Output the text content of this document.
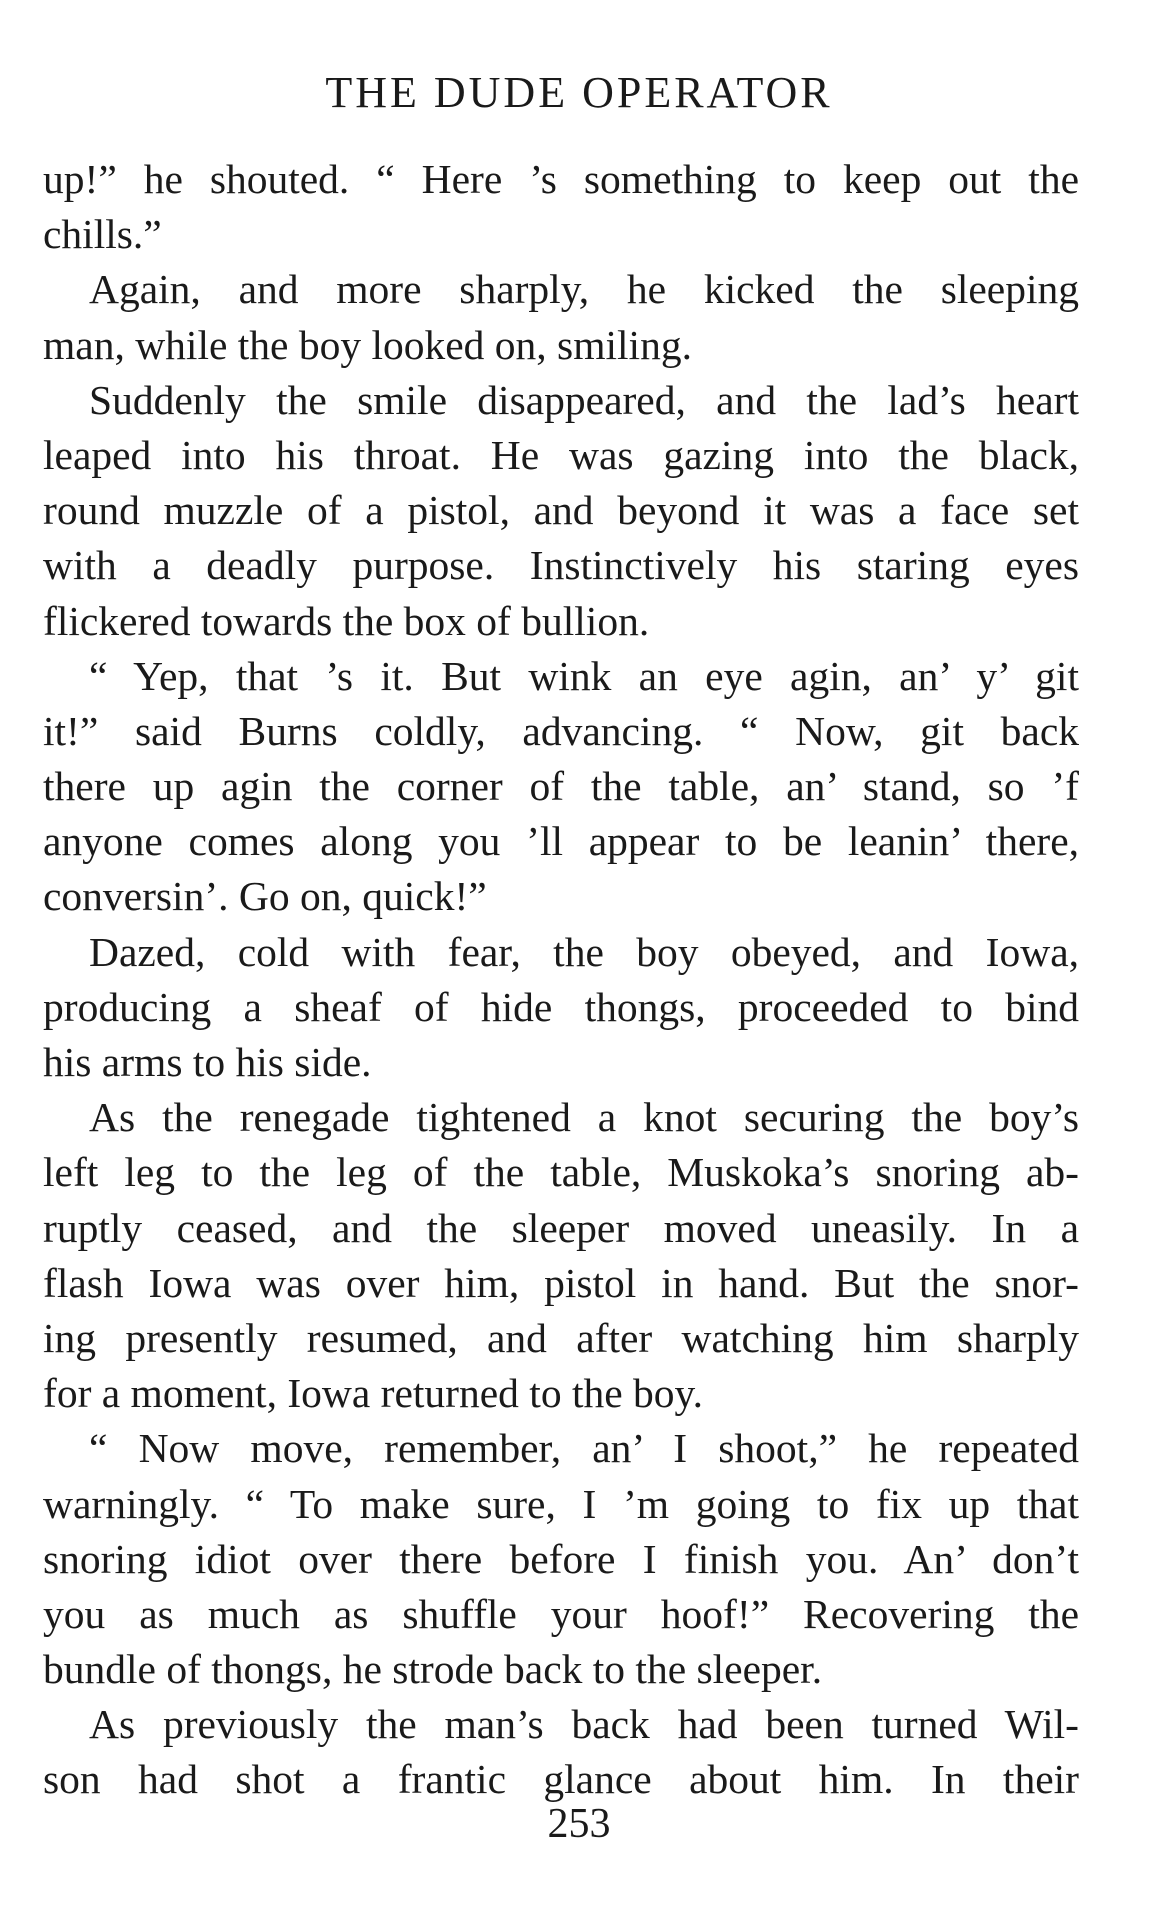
THE DUDE OPERATOR
up!” he shouted. “ Here ’s something to keep out the
chills.”
Again, and more sharply, he kicked the sleeping
man, while the boy looked on, smiling.
Suddenly the smile disappeared, and the lad’s heart
leaped into his throat. He was gazing into the black,
round muzzle of a pistol, and beyond it was a face set
with a deadly purpose. Instinctively his staring eyes
flickered towards the box of bullion.
“ Yep, that ’s it. But wink an eye agin, an’ y’ git
it!” said Burns coldly, advancing. “ Now, git back
there up agin the corner of the table, an’ stand, so ’f
anyone comes along you ’ll appear to be leanin’ there,
conversin’. Go on, quick!”
Dazed, cold with fear, the boy obeyed, and Iowa,
producing a sheaf of hide thongs, proceeded to bind
his arms to his side.
As the renegade tightened a knot securing the boy’s
left leg to the leg of the table, Muskoka’s snoring ab-
ruptly ceased, and the sleeper moved uneasily. In a
flash Iowa was over him, pistol in hand. But the snor-
ing presently resumed, and after watching him sharply
for a moment, Iowa returned to the boy.
“ Now move, remember, an’ I shoot,” he repeated
warningly. “ To make sure, I ’m going to fix up that
snoring idiot over there before I finish you. An’ don’t
you as much as shuffle your hoof!” Recovering the
bundle of thongs, he strode back to the sleeper.
As previously the man’s back had been turned Wil-
son had shot a frantic glance about him. In their
253
